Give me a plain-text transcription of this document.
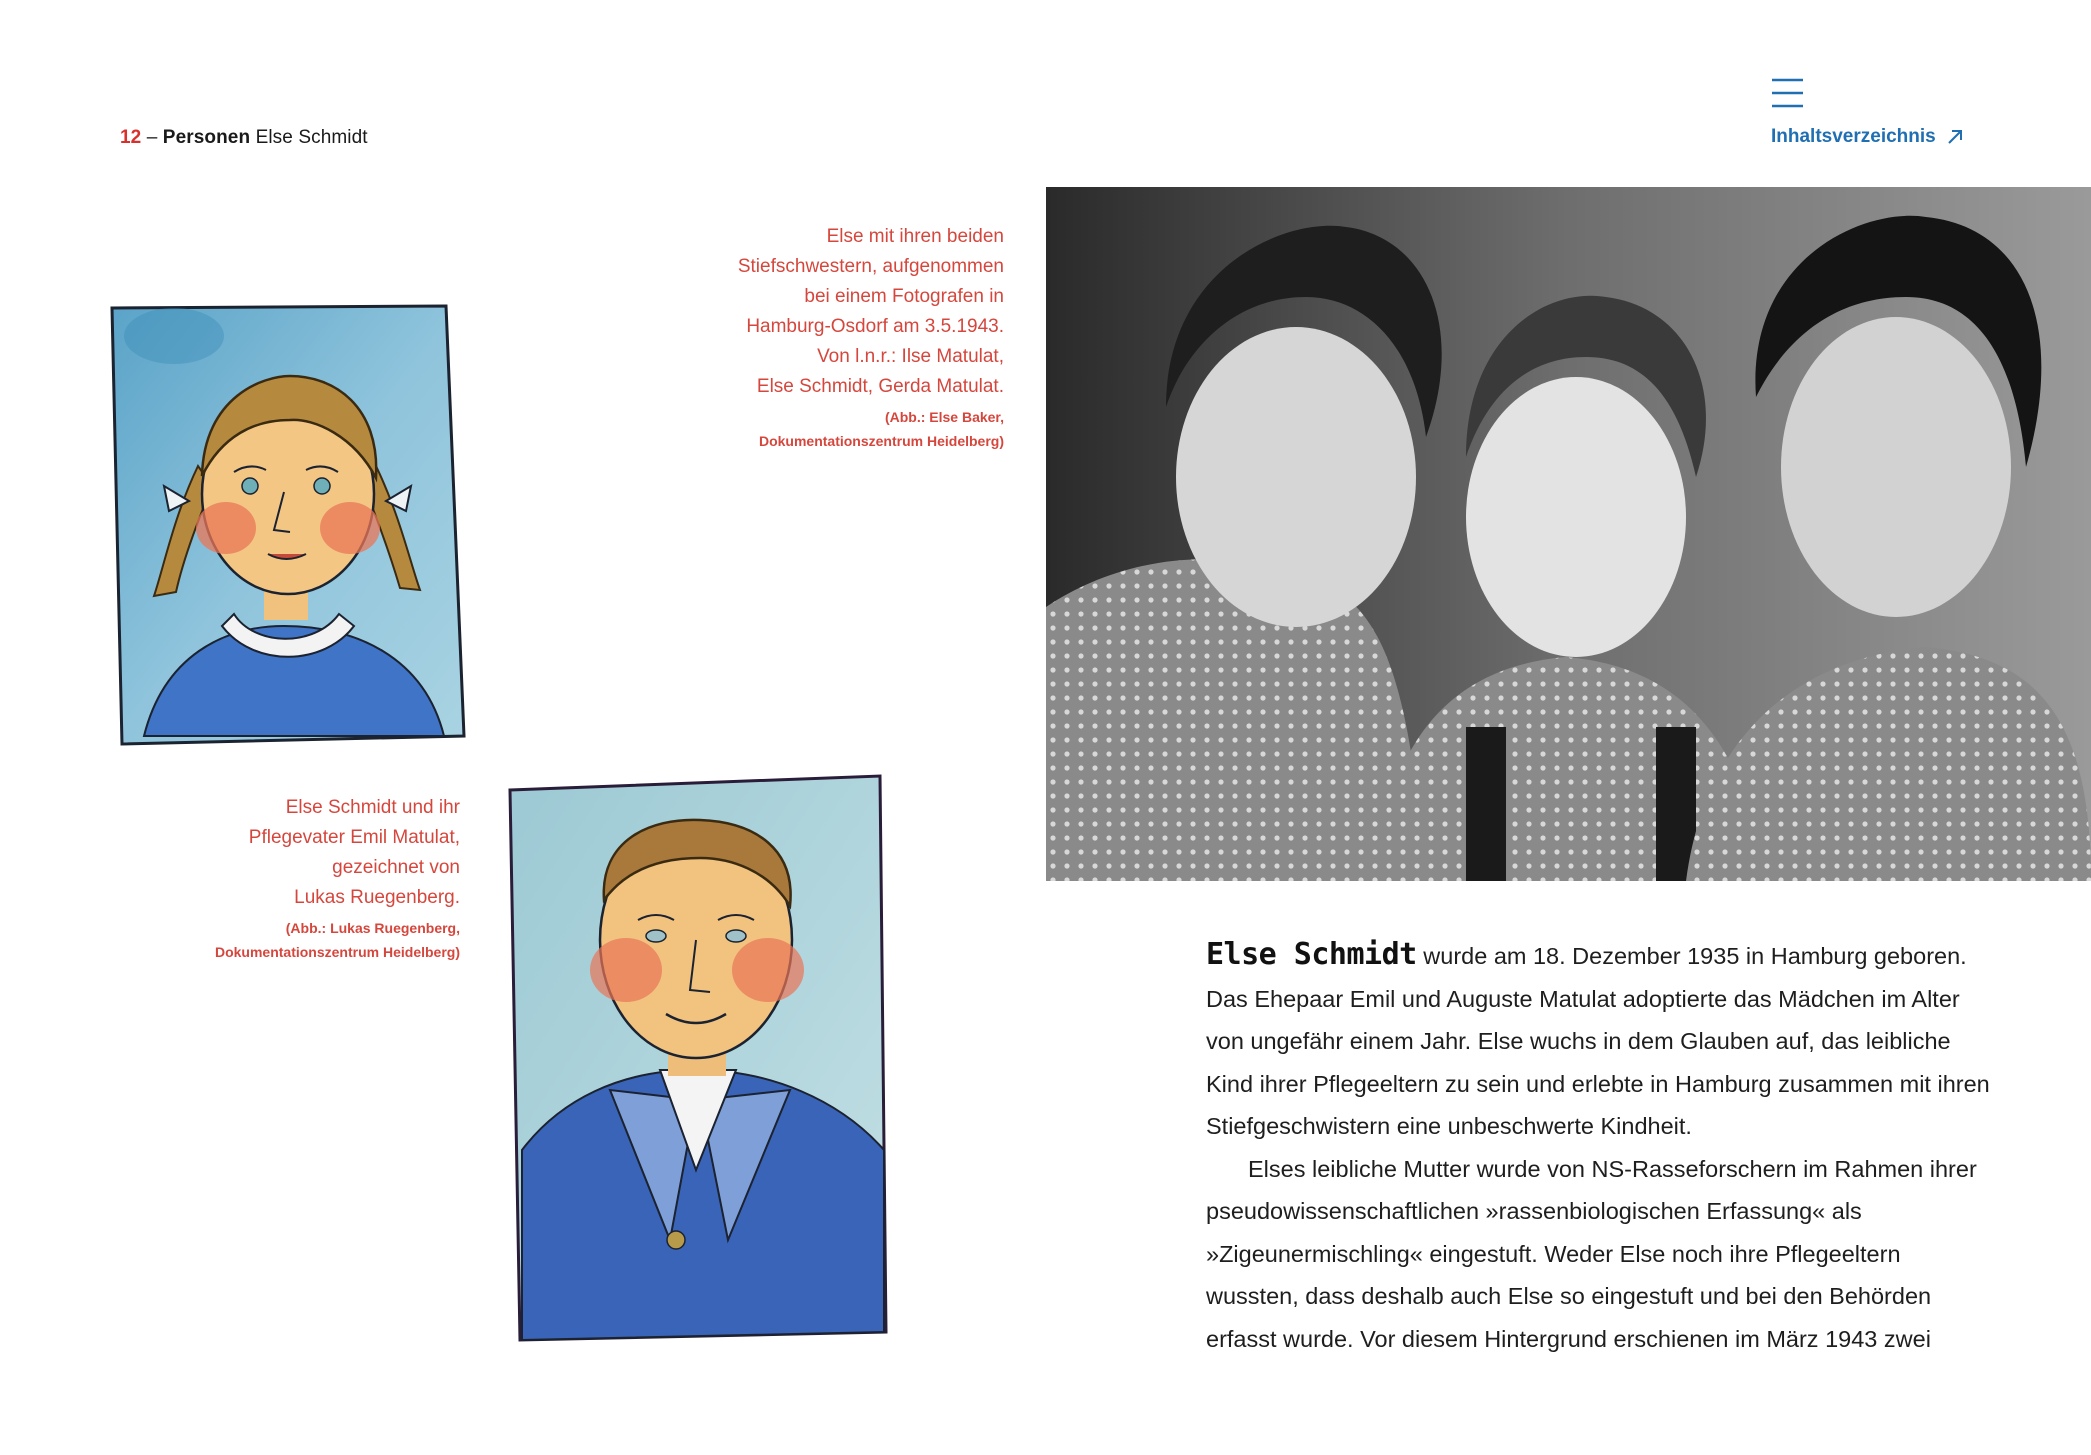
12 – Personen Else Schmidt	Inhaltsverzeichnis
Else mit ihren beiden
Stiefschwestern, aufgenommen
bei einem Fotografen in
Hamburg-Osdorf am 3.5.1943.
Von l.n.r.: Ilse Matulat,
Else Schmidt, Gerda Matulat.
(Abb.: Else Baker,
Dokumentationszentrum Heidelberg)
Else Schmidt und ihr
Pflegevater Emil Matulat,
gezeichnet von
Lukas Ruegenberg.
(Abb.: Lukas Ruegenberg,
Dokumentationszentrum Heidelberg)	Else Schmidt wurde am 18. Dezember 1935 in Hamburg geboren. Das Ehepaar Emil und Auguste Matulat adoptierte das Mädchen im Alter von ungefähr einem Jahr. Else wuchs in dem Glauben auf, das leibliche Kind ihrer Pflegeeltern zu sein und erlebte in Hamburg zusammen mit ihren Stiefgeschwistern eine unbeschwerte Kindheit.

Elses leibliche Mutter wurde von NS-Rasseforschern im Rahmen ihrer pseudowissenschaftlichen »rassenbiologischen Erfassung« als »Zigeunermischling« eingestuft. Weder Else noch ihre Pflegeeltern wussten, dass deshalb auch Else so eingestuft und bei den Behörden erfasst wurde. Vor diesem Hintergrund erschienen im März 1943 zwei
